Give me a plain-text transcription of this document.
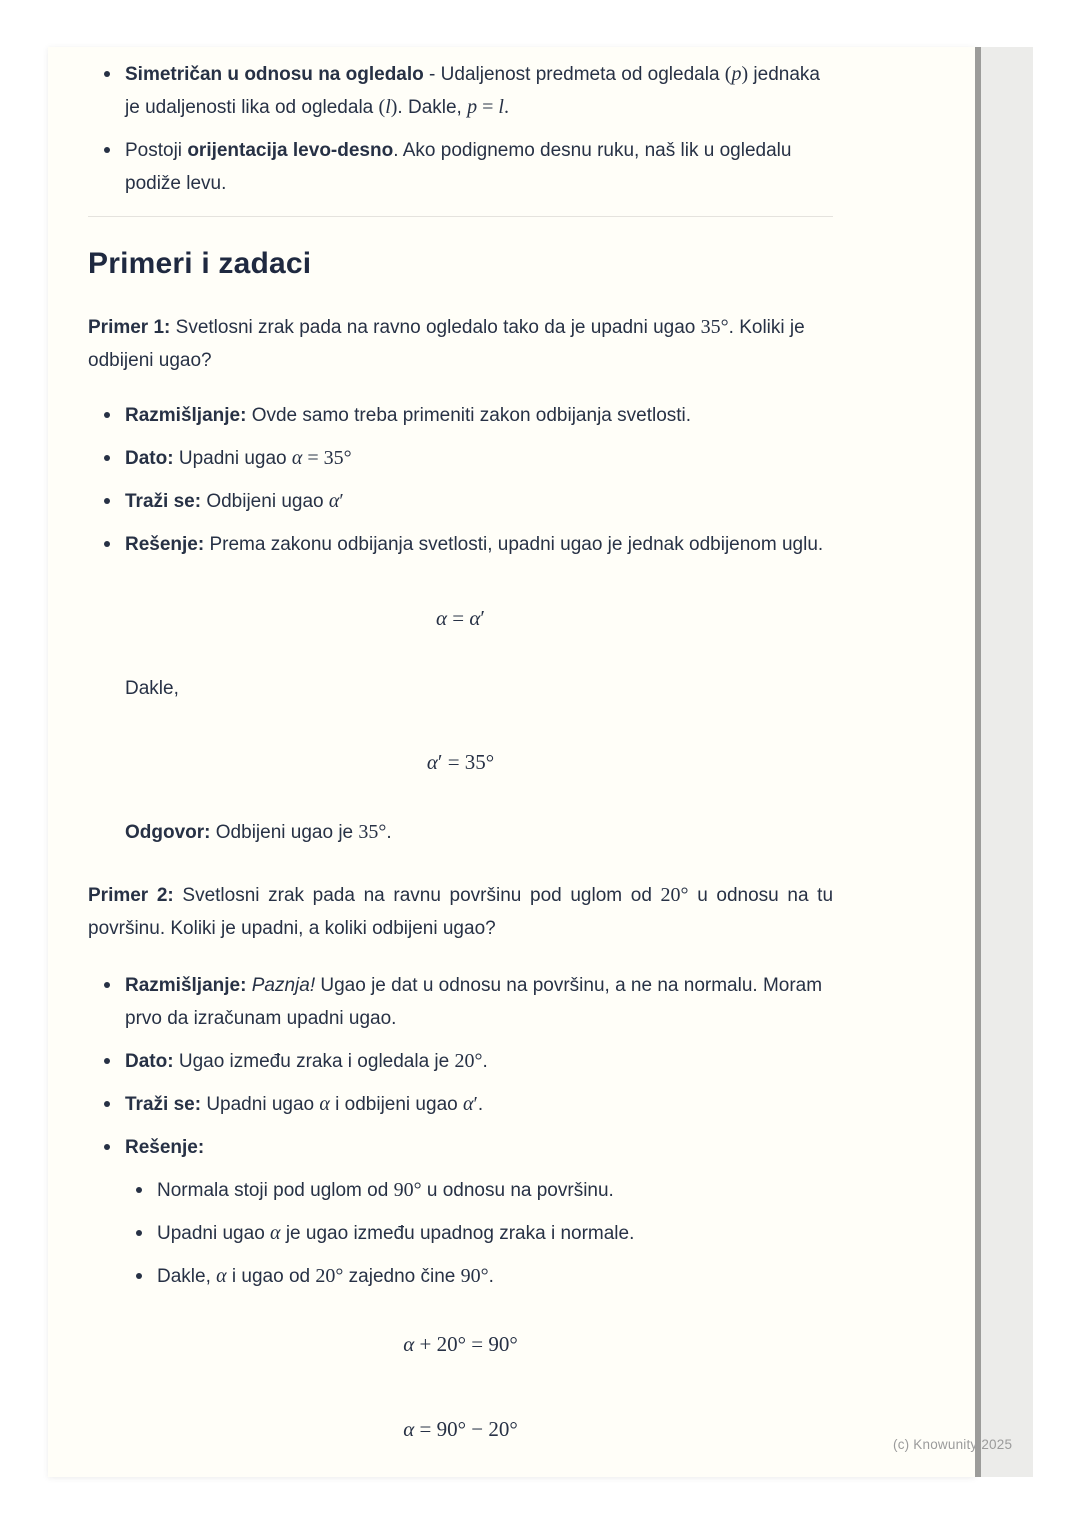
Simetričan u odnosu na ogledalo - Udaljenost predmeta od ogledala (p) jednaka je udaljenosti lika od ogledala (l). Dakle, p = l.
Postoji orijentacija levo-desno. Ako podignemo desnu ruku, naš lik u ogledalu podiže levu.
Primeri i zadaci

Primer 1: Svetlosni zrak pada na ravno ogledalo tako da je upadni ugao 35°. Koliki je odbijeni ugao?

Razmišljanje: Ovde samo treba primeniti zakon odbijanja svetlosti.
Dato: Upadni ugao α = 35°
Traži se: Odbijeni ugao α′
Rešenje: Prema zakonu odbijanja svetlosti, upadni ugao je jednak odbijenom uglu.
α = α′

Dakle,

α′ = 35°

Odgovor: Odbijeni ugao je 35°.

Primer 2: Svetlosni zrak pada na ravnu površinu pod uglom od 20° u odnosu na tu površinu. Koliki je upadni, a koliki odbijeni ugao?

Razmišljanje: Paznja! Ugao je dat u odnosu na površinu, a ne na normalu. Moram prvo da izračunam upadni ugao.
Dato: Ugao između zraka i ogledala je 20°.
Traži se: Upadni ugao α i odbijeni ugao α′.
Rešenje:
Normala stoji pod uglom od 90° u odnosu na površinu.
Upadni ugao α je ugao između upadnog zraka i normale.
Dakle, α i ugao od 20° zajedno čine 90°.
α + 20° = 90°
α = 90° − 20°
(c) Knowunity 2025
